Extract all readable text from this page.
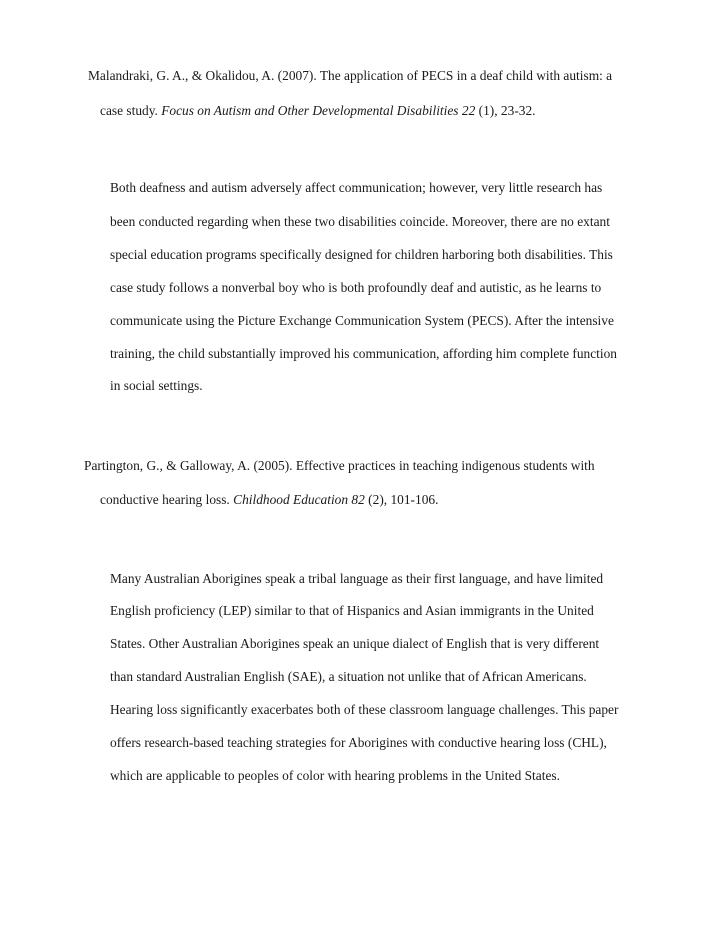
Malandraki, G. A., & Okalidou, A. (2007). The application of PECS in a deaf child with autism: a
case study. Focus on Autism and Other Developmental Disabilities 22 (1), 23-32.
Both deafness and autism adversely affect communication; however, very little research has
been conducted regarding when these two disabilities coincide. Moreover, there are no extant
special education programs specifically designed for children harboring both disabilities. This
case study follows a nonverbal boy who is both profoundly deaf and autistic, as he learns to
communicate using the Picture Exchange Communication System (PECS). After the intensive
training, the child substantially improved his communication, affording him complete function
in social settings.
Partington, G., & Galloway, A. (2005). Effective practices in teaching indigenous students with
conductive hearing loss. Childhood Education 82 (2), 101-106.
Many Australian Aborigines speak a tribal language as their first language, and have limited
English proficiency (LEP) similar to that of Hispanics and Asian immigrants in the United
States. Other Australian Aborigines speak an unique dialect of English that is very different
than standard Australian English (SAE), a situation not unlike that of African Americans.
Hearing loss significantly exacerbates both of these classroom language challenges. This paper
offers research-based teaching strategies for Aborigines with conductive hearing loss (CHL),
which are applicable to peoples of color with hearing problems in the United States.
